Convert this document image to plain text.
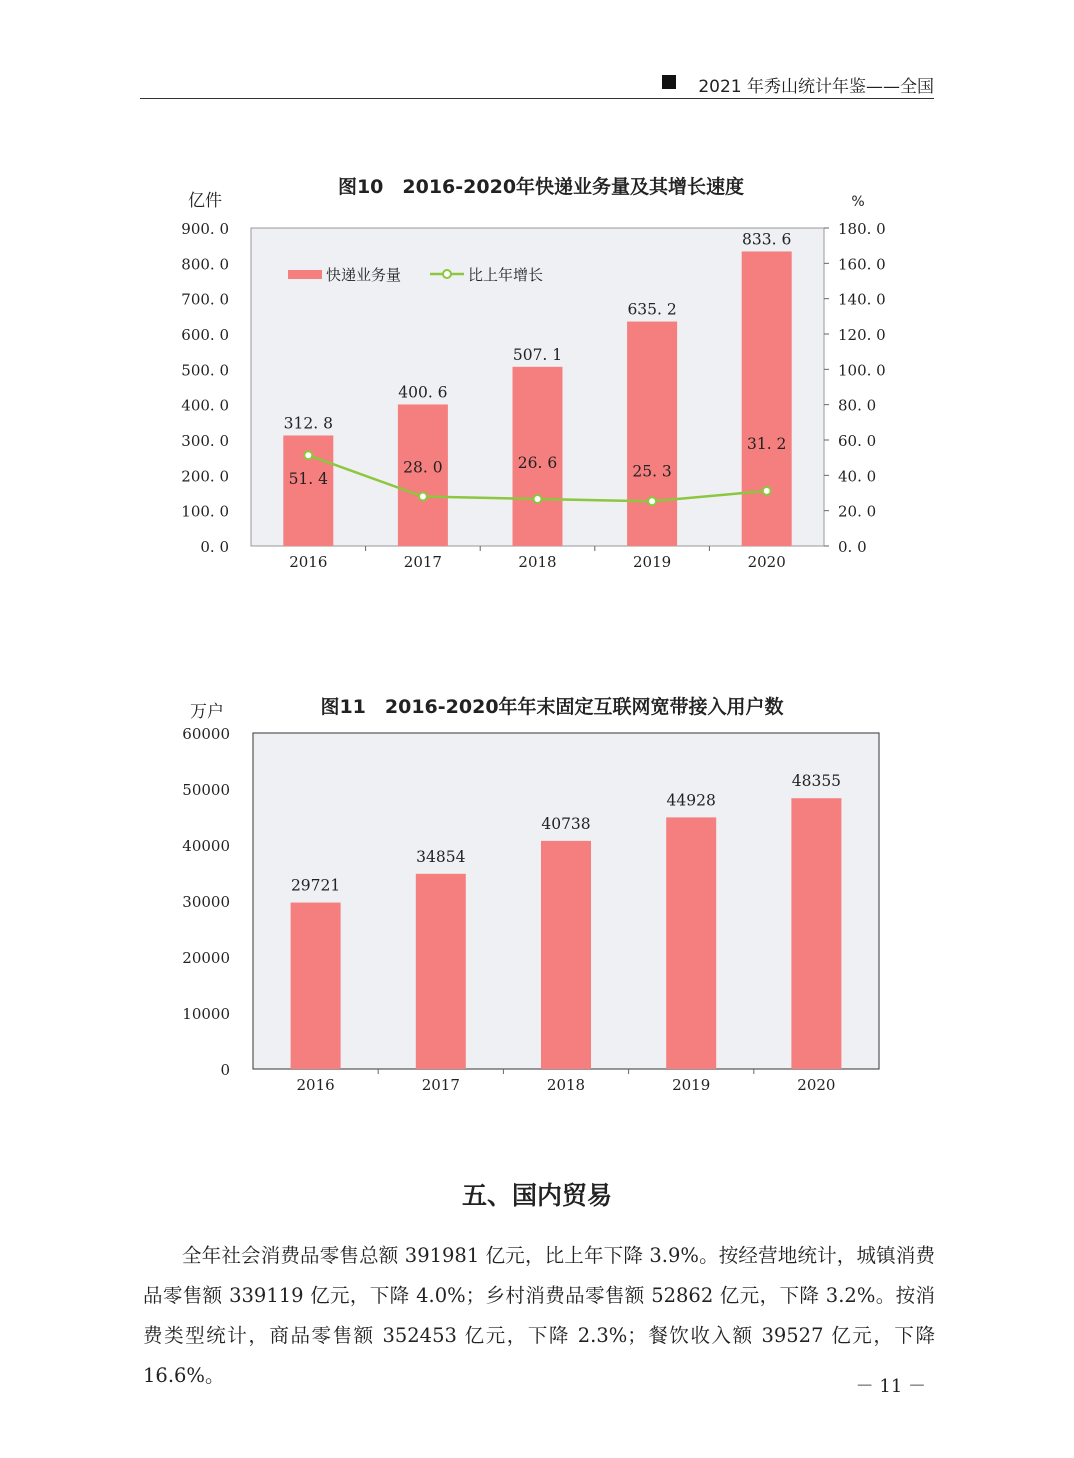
2021 年秀山统计年鉴——全国
图10　2016-2020年快递业务量及其增长速度
亿件	%
900. 0
800. 0
700. 0
600. 0
500. 0
400. 0
300. 0
200. 0
100. 0
0. 0
180. 0
160. 0
140. 0
120. 0
100. 0
80. 0
60. 0
40. 0
20. 0
0. 0
2016	2017	2018	2019	2020
312. 8
400. 6
507. 1
635. 2
833. 6
51. 4
28. 0	26. 6	25. 3
31. 2
快递业务量	比上年增长
图11　2016-2020年年末固定互联网宽带接入用户数
万户
60000
50000
40000
30000
20000
10000
0
2016	2017	2018	2019	2020
29721
34854
40738
44928
48355
五、国内贸易

全年社会消费品零售总额 391981 亿元，比上年下降 3.9%。按经营地统计，城镇消费品零售额 339119 亿元，下降 4.0%；乡村消费品零售额 52862 亿元，下降 3.2%。按消费类型统计，商品零售额 352453 亿元，下降 2.3%；餐饮收入额 39527 亿元，下降 16.6%。	－ 11 －
